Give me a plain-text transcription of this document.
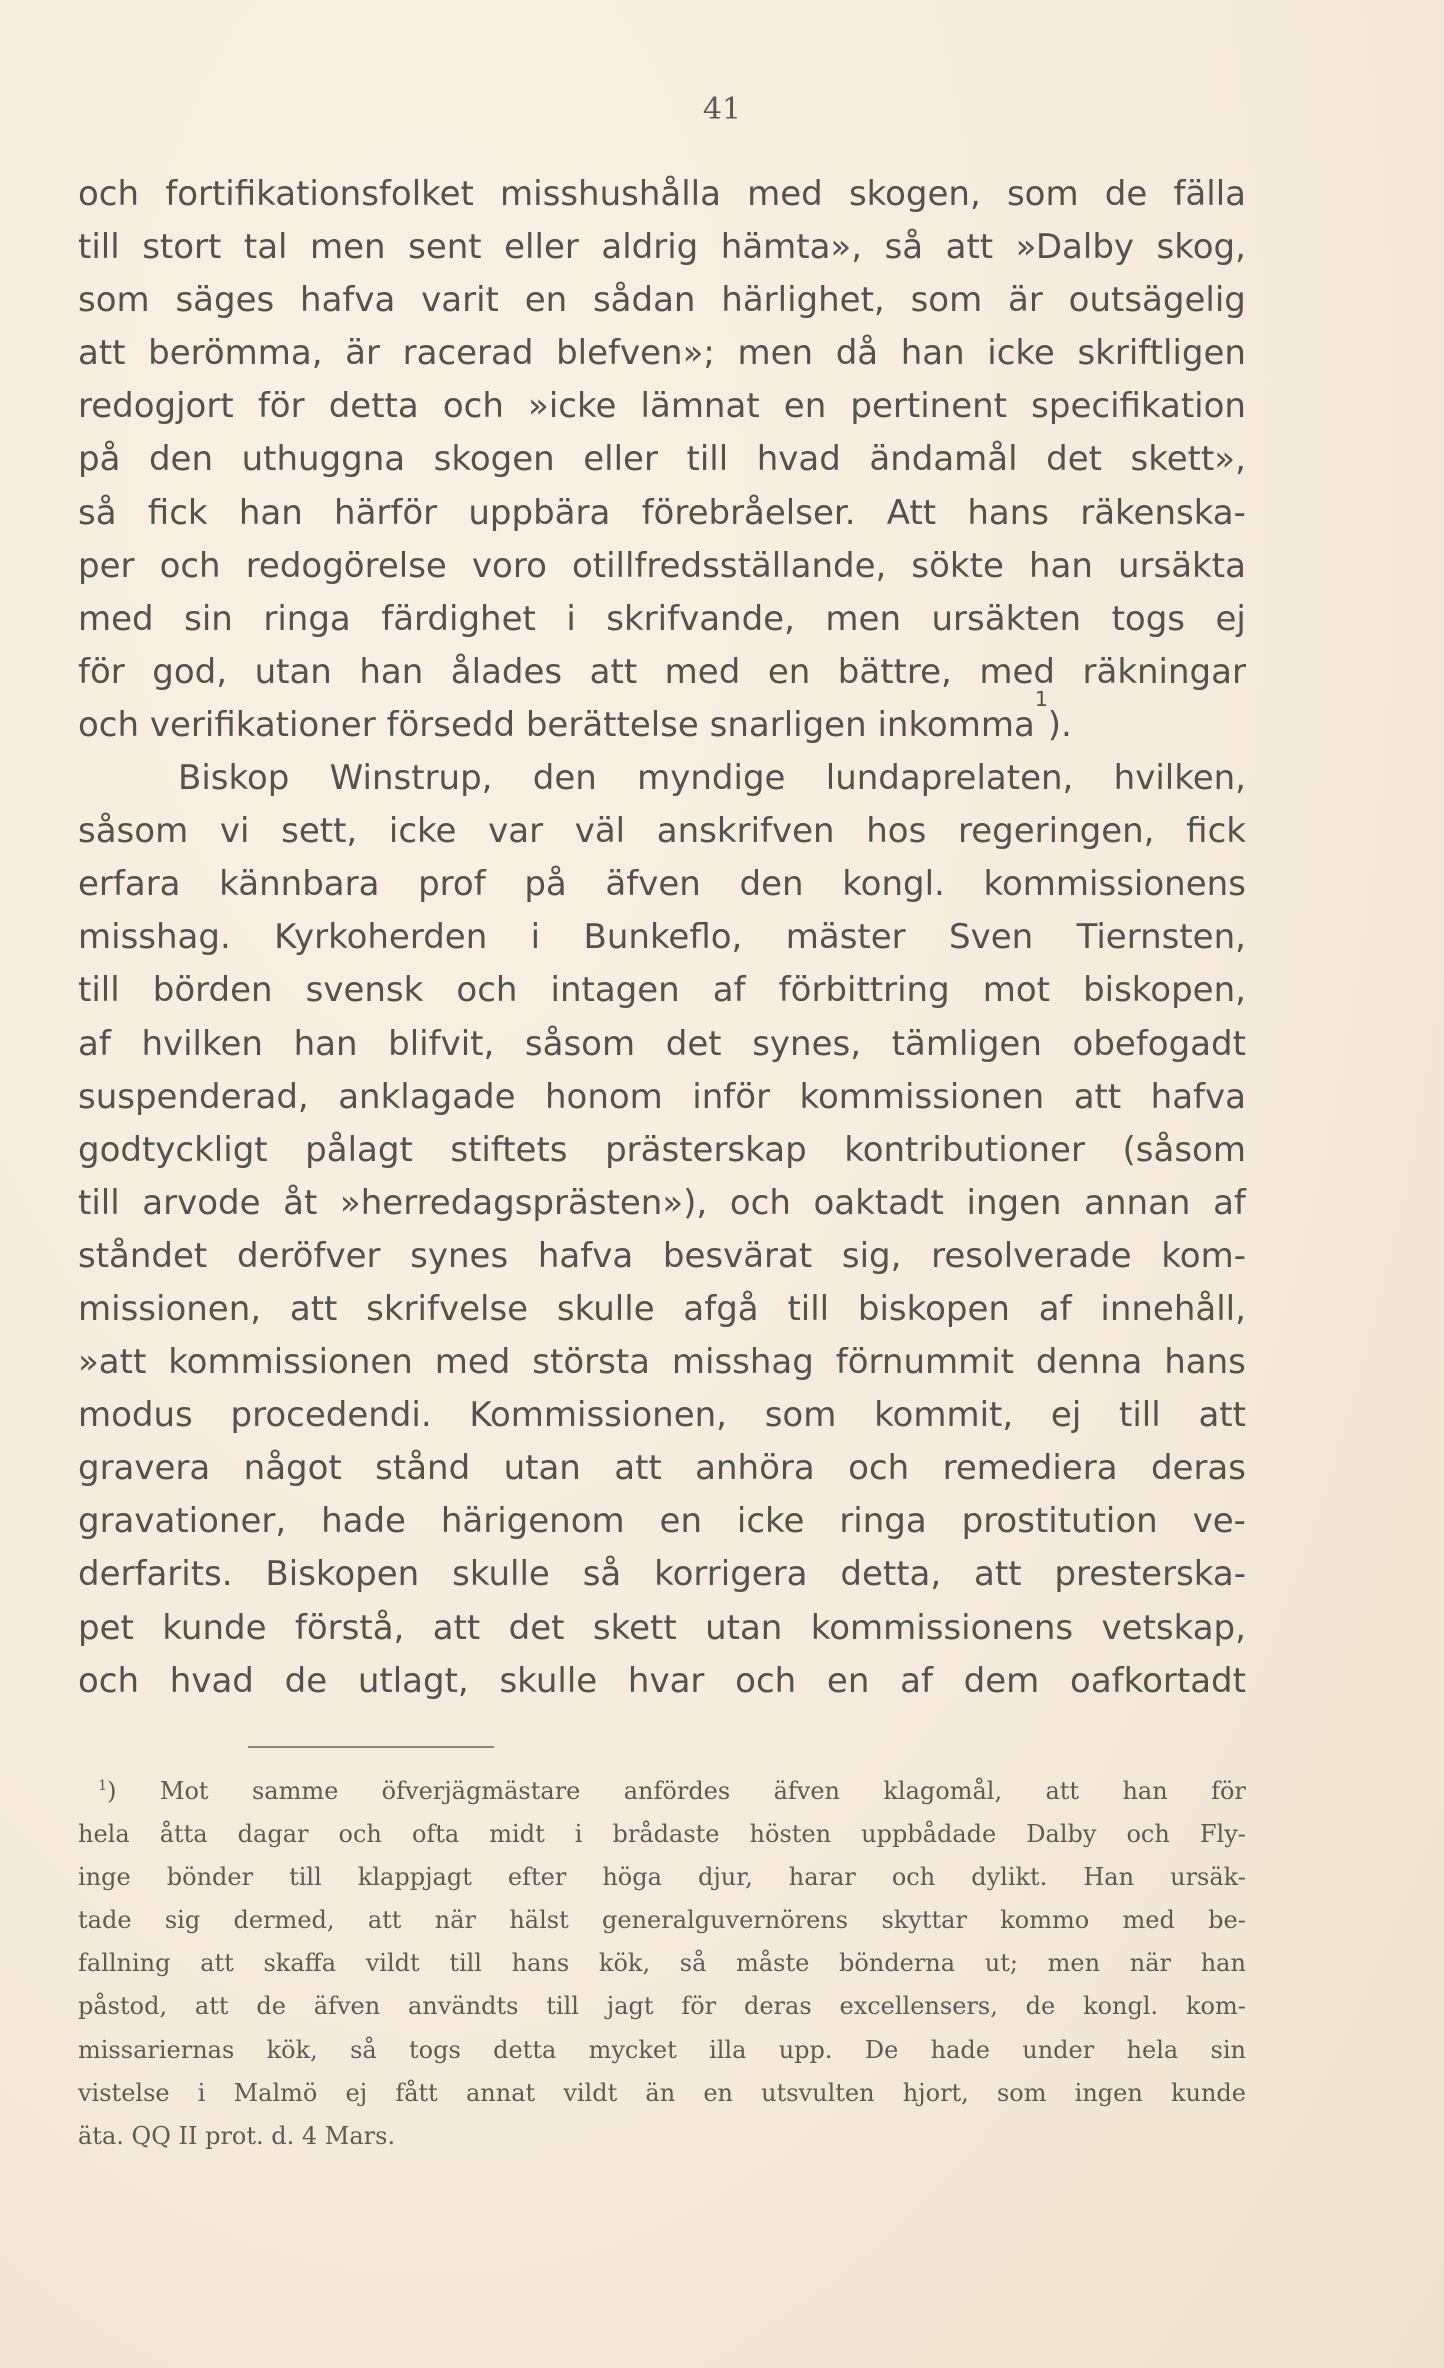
41
och fortifikationsfolket misshushålla med skogen, som de fälla
till stort tal men sent eller aldrig hämta», så att »Dalby skog,
som säges hafva varit en sådan härlighet, som är outsägelig
att berömma, är racerad blefven»; men då han icke skriftligen
redogjort för detta och »icke lämnat en pertinent specifikation
på den uthuggna skogen eller till hvad ändamål det skett»,
så fick han härför uppbära förebråelser. Att hans räkenska-
per och redogörelse voro otillfredsställande, sökte han ursäkta
med sin ringa färdighet i skrifvande, men ursäkten togs ej
för god, utan han ålades att med en bättre, med räkningar
och verifikationer försedd berättelse snarligen inkomma
1
).
Biskop Winstrup, den myndige lundaprelaten, hvilken,
såsom vi sett, icke var väl anskrifven hos regeringen, fick
erfara kännbara prof på äfven den kongl. kommissionens
misshag. Kyrkoherden i Bunkeflo, mäster Sven Tiernsten,
till börden svensk och intagen af förbittring mot biskopen,
af hvilken han blifvit, såsom det synes, tämligen obefogadt
suspenderad, anklagade honom inför kommissionen att hafva
godtyckligt pålagt stiftets prästerskap kontributioner (såsom
till arvode åt »herredagsprästen»), och oaktadt ingen annan af
ståndet deröfver synes hafva besvärat sig, resolverade kom-
missionen, att skrifvelse skulle afgå till biskopen af innehåll,
»att kommissionen med största misshag förnummit denna hans
modus procedendi. Kommissionen, som kommit, ej till att
gravera något stånd utan att anhöra och remediera deras
gravationer, hade härigenom en icke ringa prostitution ve-
derfarits. Biskopen skulle så korrigera detta, att presterska-
pet kunde förstå, att det skett utan kommissionens vetskap,
och hvad de utlagt, skulle hvar och en af dem oafkortadt
$^1$) Mot samme öfverjägmästare anfördes äfven klagomål, att han för
hela åtta dagar och ofta midt i brådaste hösten uppbådade Dalby och Fly-
inge bönder till klappjagt efter höga djur, harar och dylikt. Han ursäk-
tade sig dermed, att när hälst generalguvernörens skyttar kommo med be-
fallning att skaffa vildt till hans kök, så måste bönderna ut; men när han
påstod, att de äfven användts till jagt för deras excellensers, de kongl. kom-
missariernas kök, så togs detta mycket illa upp. De hade under hela sin
vistelse i Malmö ej fått annat vildt än en utsvulten hjort, som ingen kunde
äta. QQ II prot. d. 4 Mars.
